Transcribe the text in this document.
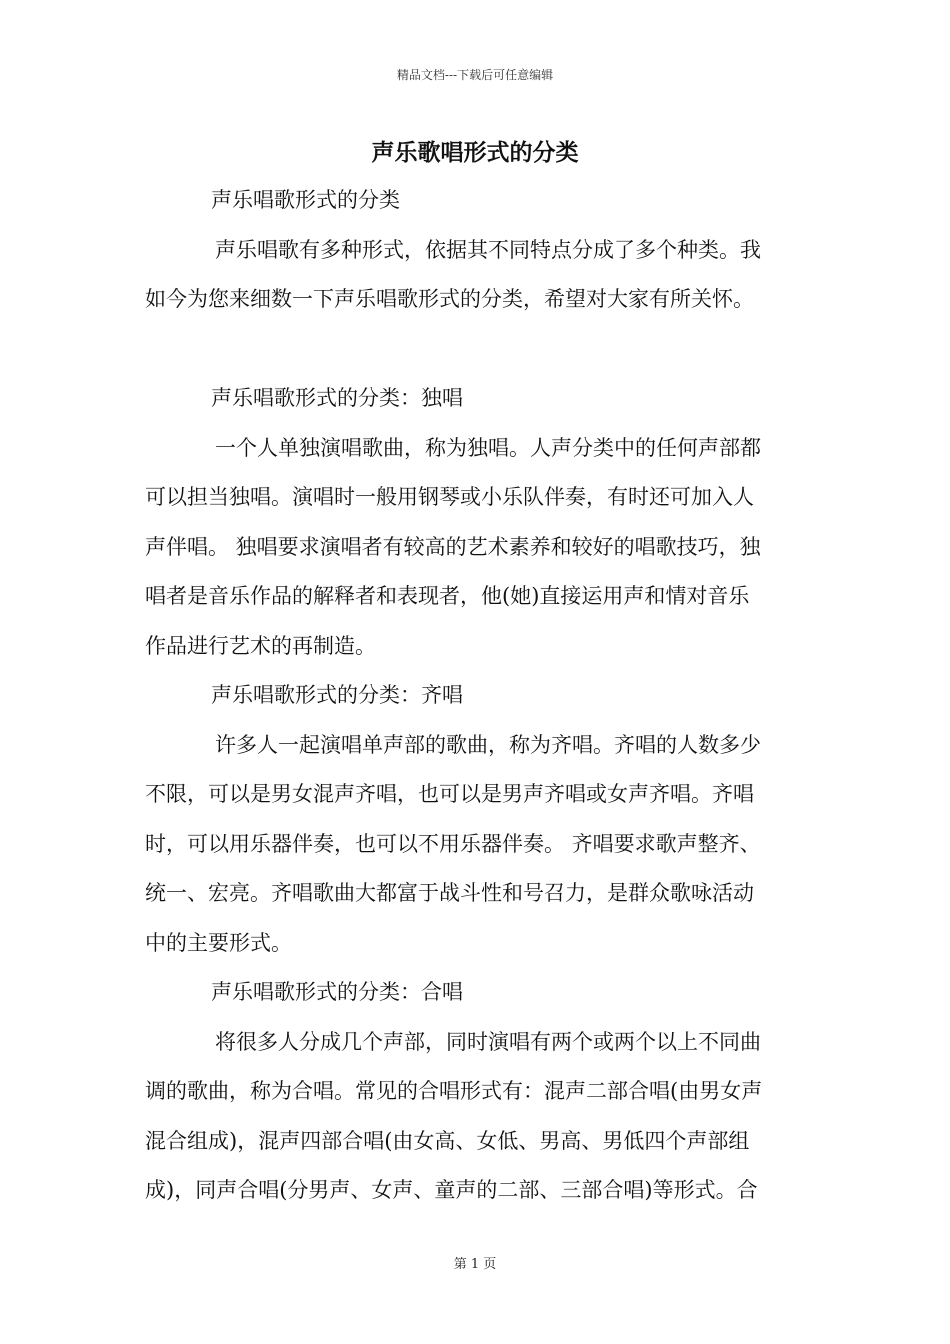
精品文档---下载后可任意编辑
声乐歌唱形式的分类
声乐唱歌形式的分类
声乐唱歌有多种形式，依据其不同特点分成了多个种类。我
如今为您来细数一下声乐唱歌形式的分类，希望对大家有所关怀。
声乐唱歌形式的分类：独唱
一个人单独演唱歌曲，称为独唱。人声分类中的任何声部都
可以担当独唱。演唱时一般用钢琴或小乐队伴奏，有时还可加入人
声伴唱。 独唱要求演唱者有较高的艺术素养和较好的唱歌技巧，独
唱者是音乐作品的解释者和表现者，他(她)直接运用声和情对音乐
作品进行艺术的再制造。
声乐唱歌形式的分类：齐唱
许多人一起演唱单声部的歌曲，称为齐唱。齐唱的人数多少
不限，可以是男女混声齐唱，也可以是男声齐唱或女声齐唱。齐唱
时，可以用乐器伴奏，也可以不用乐器伴奏。 齐唱要求歌声整齐、
统一、宏亮。齐唱歌曲大都富于战斗性和号召力，是群众歌咏活动
中的主要形式。
声乐唱歌形式的分类：合唱
将很多人分成几个声部，同时演唱有两个或两个以上不同曲
调的歌曲，称为合唱。常见的合唱形式有：混声二部合唱(由男女声
混合组成)，混声四部合唱(由女高、女低、男高、男低四个声部组
成)，同声合唱(分男声、女声、童声的二部、三部合唱)等形式。合
第 1 页
